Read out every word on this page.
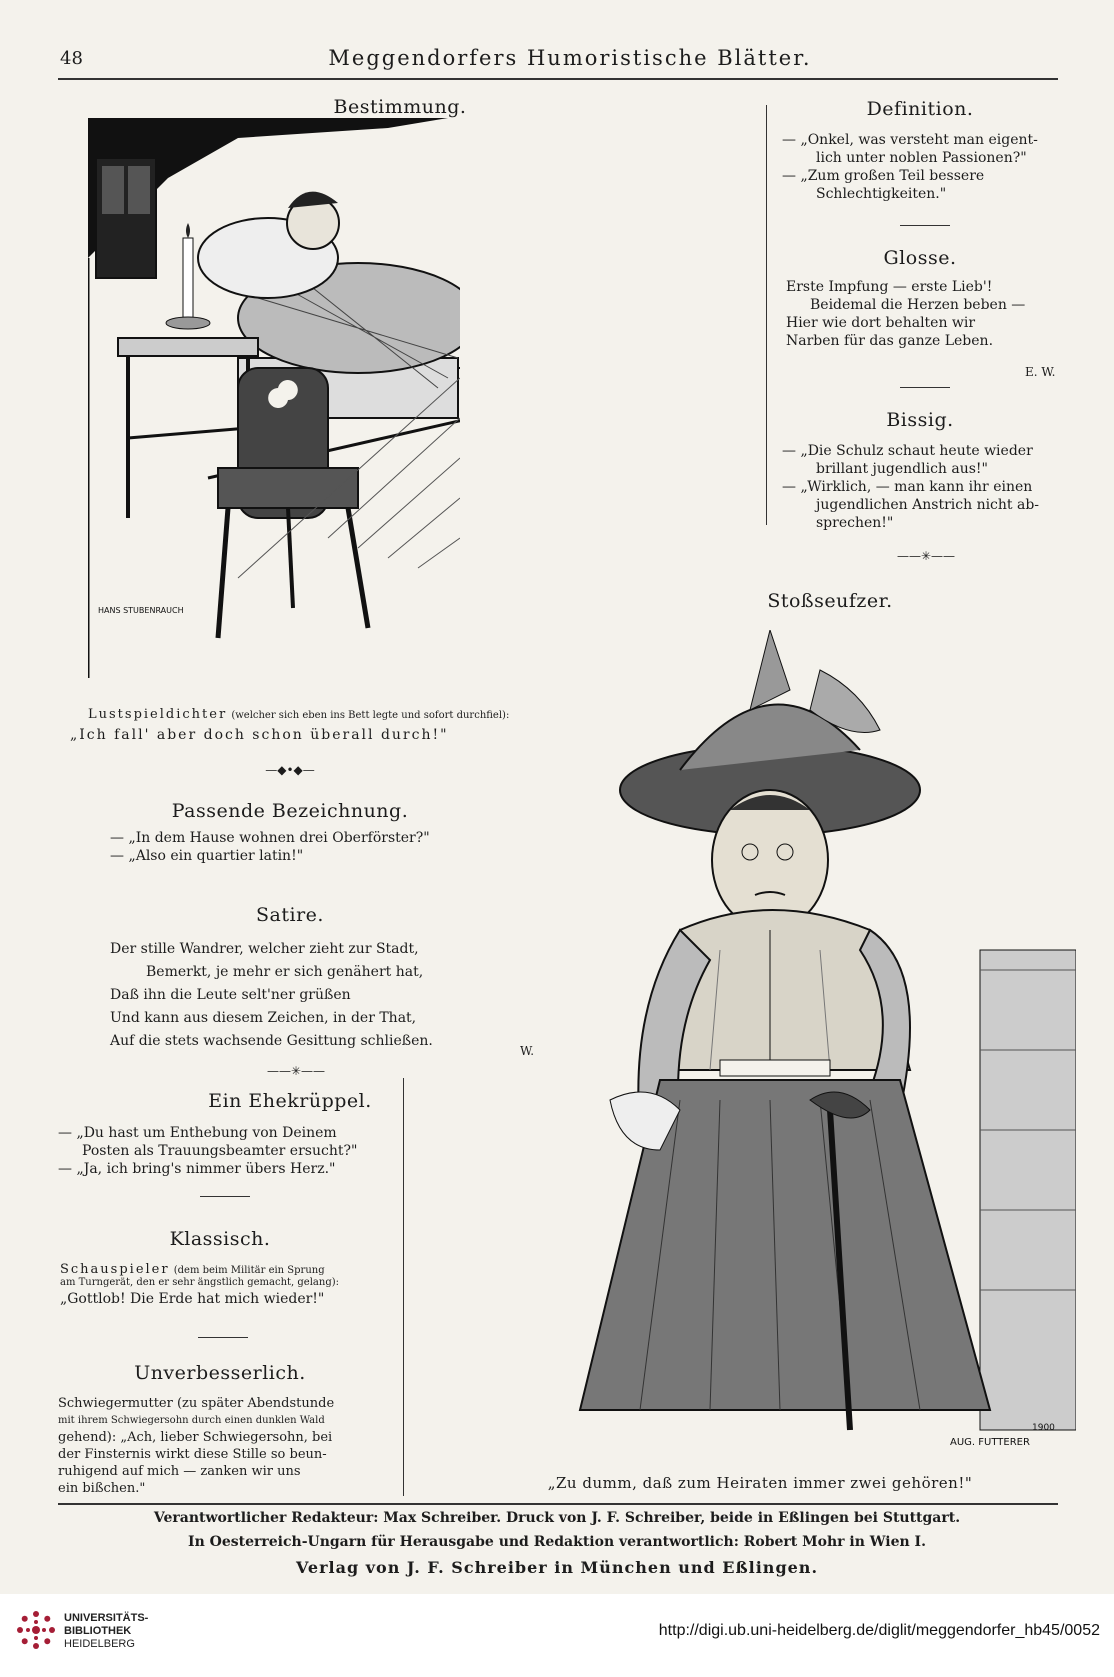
48	Meggendorfers Humoristische Blätter.
Bestimmung.
HANS STUBENRAUCH
Lustspieldichter (welcher sich eben ins Bett legte und sofort durchfiel):
„Ich fall' aber doch schon überall durch!"
—◆•◆—
Definition.
— „Onkel, was versteht man eigent-
lich unter noblen Passionen?"
— „Zum großen Teil bessere
Schlechtigkeiten."
Glosse.
Erste Impfung — erste Lieb'!
Beidemal die Herzen beben —
Hier wie dort behalten wir
Narben für das ganze Leben.
E. W.
Bissig.
— „Die Schulz schaut heute wieder
brillant jugendlich aus!"
— „Wirklich, — man kann ihr einen
jugendlichen Anstrich nicht ab-
sprechen!"
——✳——
Stoßseufzer.
AUG. FUTTERER
1900
„Zu dumm, daß zum Heiraten immer zwei gehören!"
Passende Bezeichnung.
— „In dem Hause wohnen drei Oberförster?"
— „Also ein quartier latin!"
Satire.
Der stille Wandrer, welcher zieht zur Stadt,
Bemerkt, je mehr er sich genähert hat,
Daß ihn die Leute selt'ner grüßen
Und kann aus diesem Zeichen, in der That,
Auf die stets wachsende Gesittung schließen.
W.
——✳——
Ein Ehekrüppel.
— „Du hast um Enthebung von Deinem
Posten als Trauungsbeamter ersucht?"
— „Ja, ich bring's nimmer übers Herz."
Klassisch.
Schauspieler (dem beim Militär ein Sprung
am Turngerät, den er sehr ängstlich gemacht, gelang):
„Gottlob! Die Erde hat mich wieder!"
Unverbesserlich.
Schwiegermutter (zu später Abendstunde
mit ihrem Schwiegersohn durch einen dunklen Wald
gehend): „Ach, lieber Schwiegersohn, bei
der Finsternis wirkt diese Stille so beun-
ruhigend auf mich — zanken wir uns
ein bißchen."
Verantwortlicher Redakteur: Max Schreiber. Druck von J. F. Schreiber, beide in Eßlingen bei Stuttgart.
In Oesterreich-Ungarn für Herausgabe und Redaktion verantwortlich: Robert Mohr in Wien I.
Verlag von J. F. Schreiber in München und Eßlingen.
UNIVERSITÄTS-
BIBLIOTHEK
HEIDELBERG
http://digi.ub.uni-heidelberg.de/diglit/meggendorfer_hb45/0052
